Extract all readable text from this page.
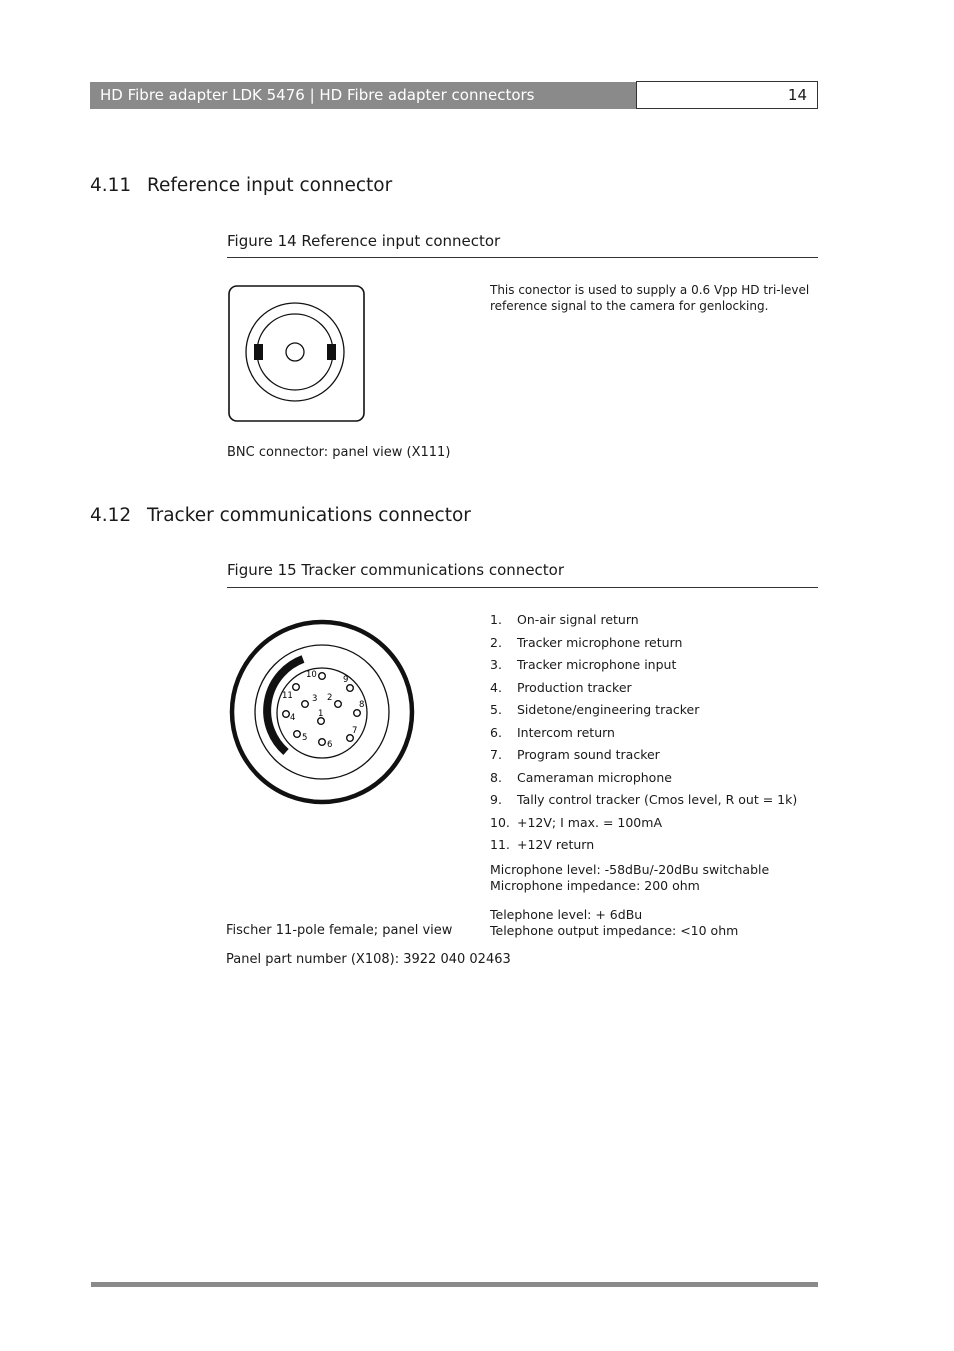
HD Fibre adapter LDK 5476 | HD Fibre adapter connectors	14
4.11 Reference input connector
Figure 14 Reference input connector
This conector is used to supply a 0.6 Vpp HD tri-level
reference signal to the camera for genlocking.
BNC connector: panel view (X111)
4.12 Tracker communications connector
Figure 15 Tracker communications connector
10	9
11 3 2
8
1
4
7
5
6
1. On-air signal return
2. Tracker microphone return
3. Tracker microphone input
4. Production tracker
5. Sidetone/engineering tracker
6. Intercom return
7. Program sound tracker
8. Cameraman microphone
9. Tally control tracker (Cmos level, R out = 1k)
10. +12V; I max. = 100mA
11. +12V return
Microphone level: -58dBu/-20dBu switchable
Microphone impedance: 200 ohm
Telephone level: + 6dBu
Telephone output impedance: <10 ohm
Fischer 11-pole female; panel view
Panel part number (X108): 3922 040 02463
